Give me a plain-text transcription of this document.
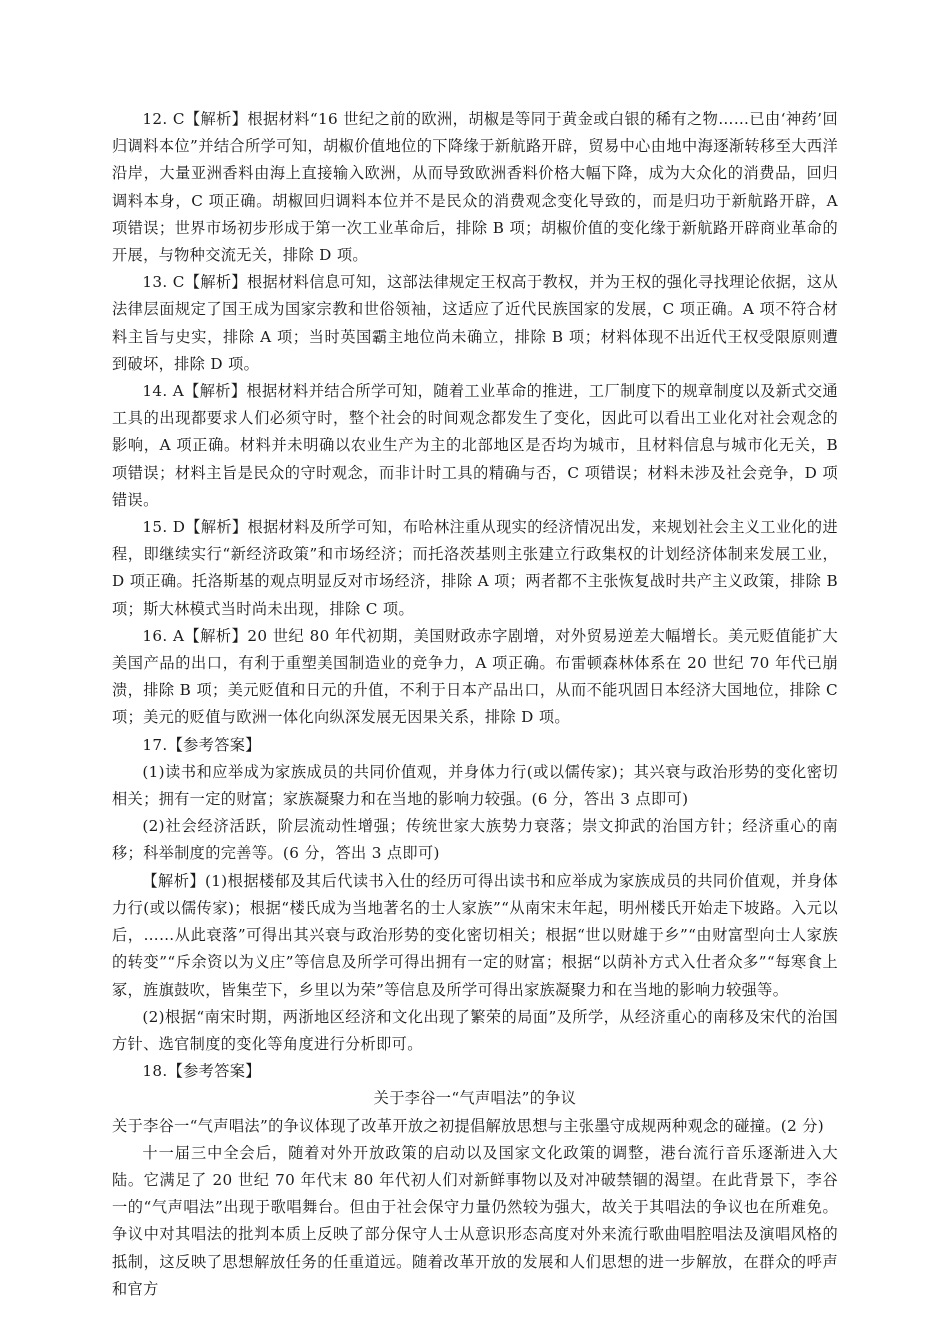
12. C【解析】根据材料“16 世纪之前的欧洲，胡椒是等同于黄金或白银的稀有之物……已由‘神药’回归调料本位”并结合所学可知，胡椒价值地位的下降缘于新航路开辟，贸易中心由地中海逐渐转移至大西洋沿岸，大量亚洲香料由海上直接输入欧洲，从而导致欧洲香料价格大幅下降，成为大众化的消费品，回归调料本身，C 项正确。胡椒回归调料本位并不是民众的消费观念变化导致的，而是归功于新航路开辟，A 项错误；世界市场初步形成于第一次工业革命后，排除 B 项；胡椒价值的变化缘于新航路开辟商业革命的开展，与物种交流无关，排除 D 项。

13. C【解析】根据材料信息可知，这部法律规定王权高于教权，并为王权的强化寻找理论依据，这从法律层面规定了国王成为国家宗教和世俗领袖，这适应了近代民族国家的发展，C 项正确。A 项不符合材料主旨与史实，排除 A 项；当时英国霸主地位尚未确立，排除 B 项；材料体现不出近代王权受限原则遭到破坏，排除 D 项。

14. A【解析】根据材料并结合所学可知，随着工业革命的推进，工厂制度下的规章制度以及新式交通工具的出现都要求人们必须守时，整个社会的时间观念都发生了变化，因此可以看出工业化对社会观念的影响，A 项正确。材料并未明确以农业生产为主的北部地区是否均为城市，且材料信息与城市化无关，B 项错误；材料主旨是民众的守时观念，而非计时工具的精确与否，C 项错误；材料未涉及社会竞争，D 项错误。

15. D【解析】根据材料及所学可知，布哈林注重从现实的经济情况出发，来规划社会主义工业化的进程，即继续实行“新经济政策”和市场经济；而托洛茨基则主张建立行政集权的计划经济体制来发展工业，D 项正确。托洛斯基的观点明显反对市场经济，排除 A 项；两者都不主张恢复战时共产主义政策，排除 B 项；斯大林模式当时尚未出现，排除 C 项。

16. A【解析】20 世纪 80 年代初期，美国财政赤字剧增，对外贸易逆差大幅增长。美元贬值能扩大美国产品的出口，有利于重塑美国制造业的竞争力，A 项正确。布雷顿森林体系在 20 世纪 70 年代已崩溃，排除 B 项；美元贬值和日元的升值，不利于日本产品出口，从而不能巩固日本经济大国地位，排除 C 项；美元的贬值与欧洲一体化向纵深发展无因果关系，排除 D 项。

17.【参考答案】

(1)读书和应举成为家族成员的共同价值观，并身体力行(或以儒传家)；其兴衰与政治形势的变化密切相关；拥有一定的财富；家族凝聚力和在当地的影响力较强。(6 分，答出 3 点即可)

(2)社会经济活跃，阶层流动性增强；传统世家大族势力衰落；崇文抑武的治国方针；经济重心的南移；科举制度的完善等。(6 分，答出 3 点即可)

【解析】(1)根据楼郁及其后代读书入仕的经历可得出读书和应举成为家族成员的共同价值观，并身体力行(或以儒传家)；根据“楼氏成为当地著名的士人家族”“从南宋末年起，明州楼氏开始走下坡路。入元以后，……从此衰落”可得出其兴衰与政治形势的变化密切相关；根据“世以财雄于乡”“由财富型向士人家族的转变”“斥余资以为义庄”等信息及所学可得出拥有一定的财富；根据“以荫补方式入仕者众多”“每寒食上冢，旌旗鼓吹，皆集茔下，乡里以为荣”等信息及所学可得出家族凝聚力和在当地的影响力较强等。

(2)根据“南宋时期，两浙地区经济和文化出现了繁荣的局面”及所学，从经济重心的南移及宋代的治国方针、选官制度的变化等角度进行分析即可。

18.【参考答案】

关于李谷一“气声唱法”的争议

关于李谷一“气声唱法”的争议体现了改革开放之初提倡解放思想与主张墨守成规两种观念的碰撞。(2 分)

十一届三中全会后，随着对外开放政策的启动以及国家文化政策的调整，港台流行音乐逐渐进入大陆。它满足了 20 世纪 70 年代末 80 年代初人们对新鲜事物以及对冲破禁锢的渴望。在此背景下，李谷一的“气声唱法”出现于歌唱舞台。但由于社会保守力量仍然较为强大，故关于其唱法的争议也在所难免。争议中对其唱法的批判本质上反映了部分保守人士从意识形态高度对外来流行歌曲唱腔唱法及演唱风格的抵制，这反映了思想解放任务的任重道远。随着改革开放的发展和人们思想的进一步解放，在群众的呼声和官方
